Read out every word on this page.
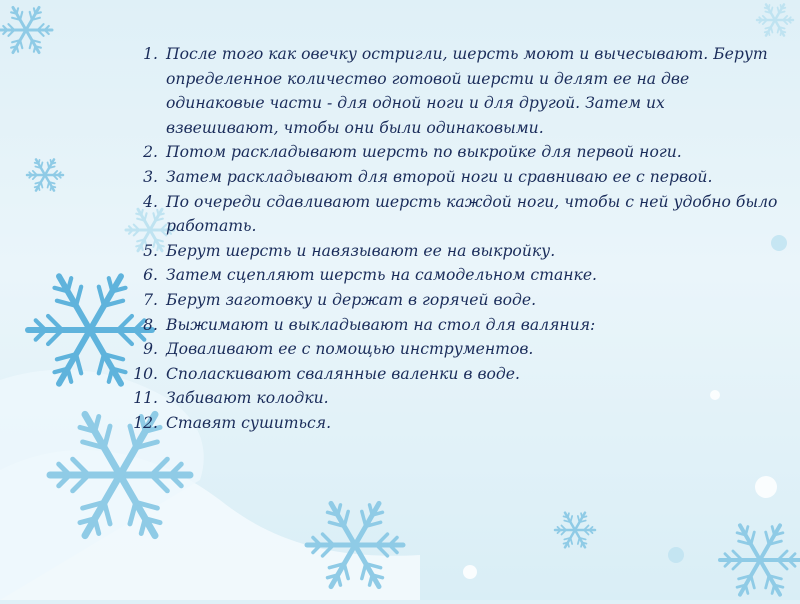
1. После того как овечку остригли, шерсть моют и вычесывают. Берут определенное количество готовой шерсти и делят ее на две одинаковые части - для одной ноги и для другой. Затем их взвешивают, чтобы они были одинаковыми.
2. Потом раскладывают шерсть по выкройке для первой ноги.
3. Затем раскладывают для второй ноги и сравниваю ее с первой.
4. По очереди сдавливают шерсть каждой ноги, чтобы с ней удобно было работать.
5. Берут шерсть и навязывают ее на выкройку.
6. Затем сцепляют шерсть на самодельном станке.
7. Берут заготовку и держат в горячей воде.
8. Выжимают и выкладывают на стол для валяния:
9. Доваливают ее с помощью инструментов.
10. Споласкивают свалянные валенки в воде.
11. Забивают колодки.
12. Ставят сушиться.
